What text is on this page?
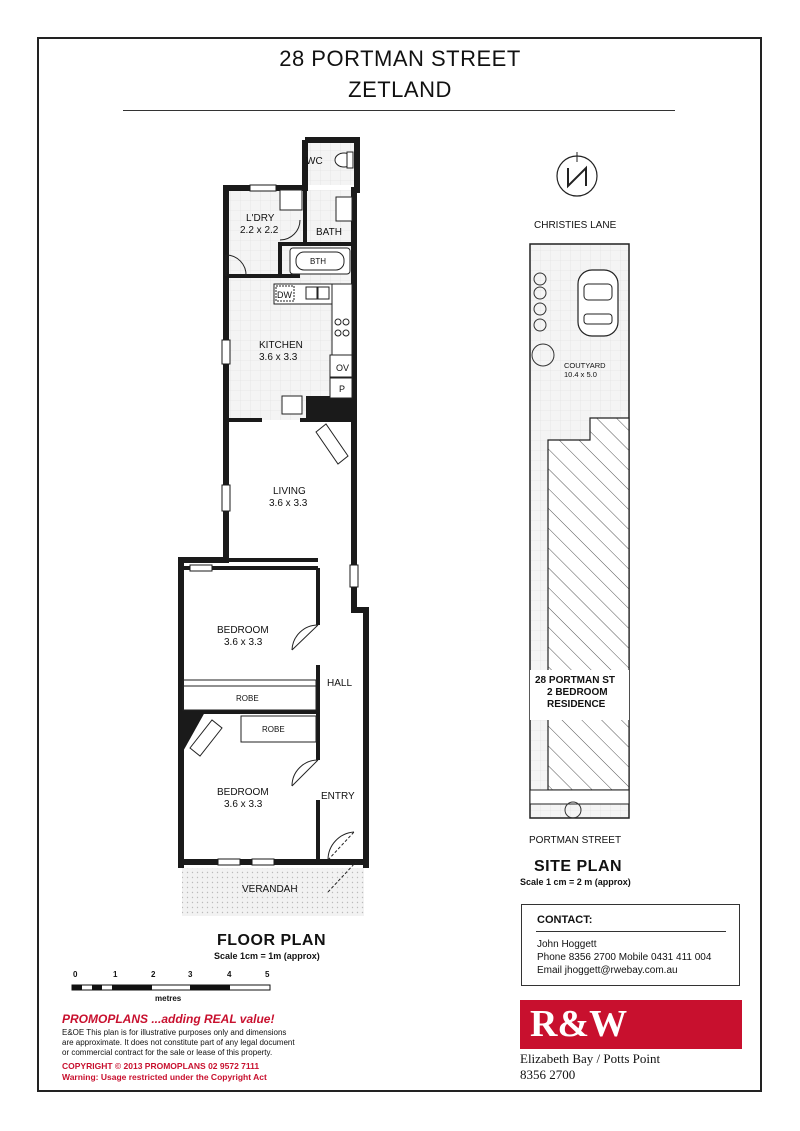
28 PORTMAN STREET
ZETLAND
WC
L'DRY
2.2 x 2.2	BATH
BTH
DW
KITCHEN
3.6 x 3.3
OV
P
LIVING
3.6 x 3.3
BEDROOM
3.6 x 3.3
ROBE
HALL
ROBE
BEDROOM
3.6 x 3.3
ENTRY
VERANDAH
FLOOR PLAN
Scale 1cm = 1m (approx)
0	1	2	3	4	5
metres
CHRISTIES LANE
COUTYARD
10.4 x 5.0
28 PORTMAN ST
2 BEDROOM
RESIDENCE
PORTMAN STREET
SITE PLAN
Scale 1 cm = 2 m (approx)
CONTACT:
John Hoggett
Phone 8356 2700 Mobile 0431 411 004
Email jhoggett@rwebay.com.au
R&W
Elizabeth Bay / Potts Point
8356 2700
PROMOPLANS ...adding REAL value!
E&OE This plan is for illustrative purposes only and dimensions
are approximate. It does not constitute part of any legal document
or commercial contract for the sale or lease of this property.
COPYRIGHT © 2013 PROMOPLANS 02 9572 7111
Warning: Usage restricted under the Copyright Act
